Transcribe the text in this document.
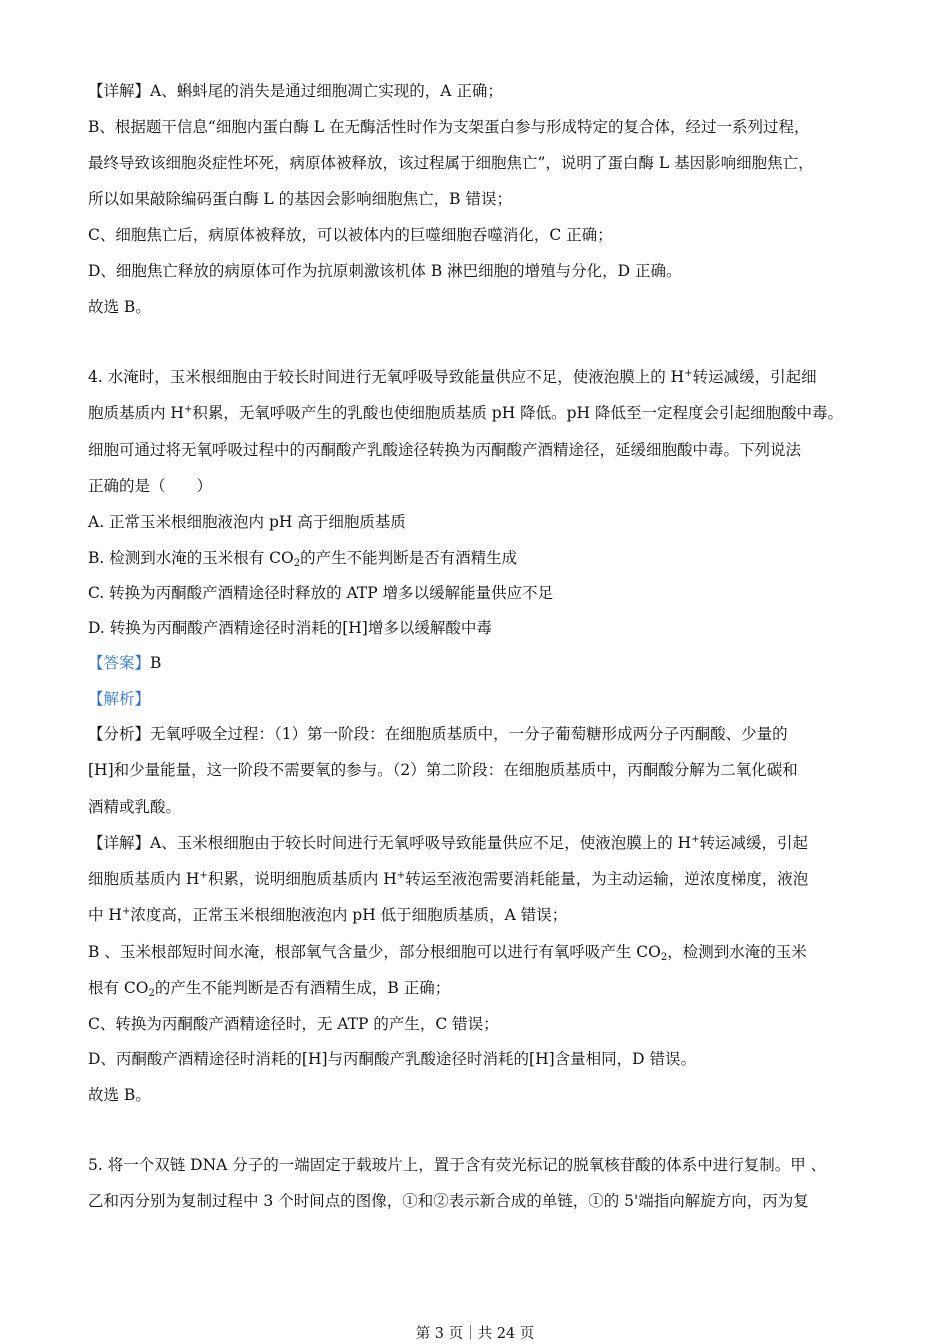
【详解】A、蝌蚪尾的消失是通过细胞凋亡实现的，A 正确；
B、根据题干信息“细胞内蛋白酶 L 在无酶活性时作为支架蛋白参与形成特定的复合体，经过一系列过程，
最终导致该细胞炎症性坏死，病原体被释放，该过程属于细胞焦亡”，说明了蛋白酶 L 基因影响细胞焦亡，
所以如果敲除编码蛋白酶 L 的基因会影响细胞焦亡，B 错误；
C、细胞焦亡后，病原体被释放，可以被体内的巨噬细胞吞噬消化，C 正确；
D、细胞焦亡释放的病原体可作为抗原刺激该机体 B 淋巴细胞的增殖与分化，D 正确。
故选 B。
4. 水淹时，玉米根细胞由于较长时间进行无氧呼吸导致能量供应不足，使液泡膜上的 H+转运减缓，引起细
胞质基质内 H+积累，无氧呼吸产生的乳酸也使细胞质基质 pH 降低。pH 降低至一定程度会引起细胞酸中毒。
细胞可通过将无氧呼吸过程中的丙酮酸产乳酸途径转换为丙酮酸产酒精途径，延缓细胞酸中毒。下列说法
正确的是（　　）
A. 正常玉米根细胞液泡内 pH 高于细胞质基质
B. 检测到水淹的玉米根有 $CO_2$的产生不能判断是否有酒精生成
C. 转换为丙酮酸产酒精途径时释放的 ATP 增多以缓解能量供应不足
D. 转换为丙酮酸产酒精途径时消耗的[H]增多以缓解酸中毒
【答案】B
【解析】
【分析】无氧呼吸全过程：（1）第一阶段：在细胞质基质中，一分子葡萄糖形成两分子丙酮酸、少量的
[H]和少量能量，这一阶段不需要氧的参与。（2）第二阶段：在细胞质基质中，丙酮酸分解为二氧化碳和
酒精或乳酸。
【详解】A、玉米根细胞由于较长时间进行无氧呼吸导致能量供应不足，使液泡膜上的 H+转运减缓，引起
细胞质基质内 H+积累，说明细胞质基质内 H+转运至液泡需要消耗能量，为主动运输，逆浓度梯度，液泡
中 H+浓度高，正常玉米根细胞液泡内 pH 低于细胞质基质，A 错误；
B 、玉米根部短时间水淹，根部氧气含量少，部分根细胞可以进行有氧呼吸产生 $CO_2$，检测到水淹的玉米
根有 $CO_2$的产生不能判断是否有酒精生成，B 正确；
C、转换为丙酮酸产酒精途径时，无 ATP 的产生，C 错误；
D、丙酮酸产酒精途径时消耗的[H]与丙酮酸产乳酸途径时消耗的[H]含量相同，D 错误。
故选 B。
5. 将一个双链 DNA 分子的一端固定于载玻片上，置于含有荧光标记的脱氧核苷酸的体系中进行复制。甲 、
乙和丙分别为复制过程中 3 个时间点的图像，①和②表示新合成的单链，①的 5'端指向解旋方向，丙为复
第 3 页｜共 24 页
